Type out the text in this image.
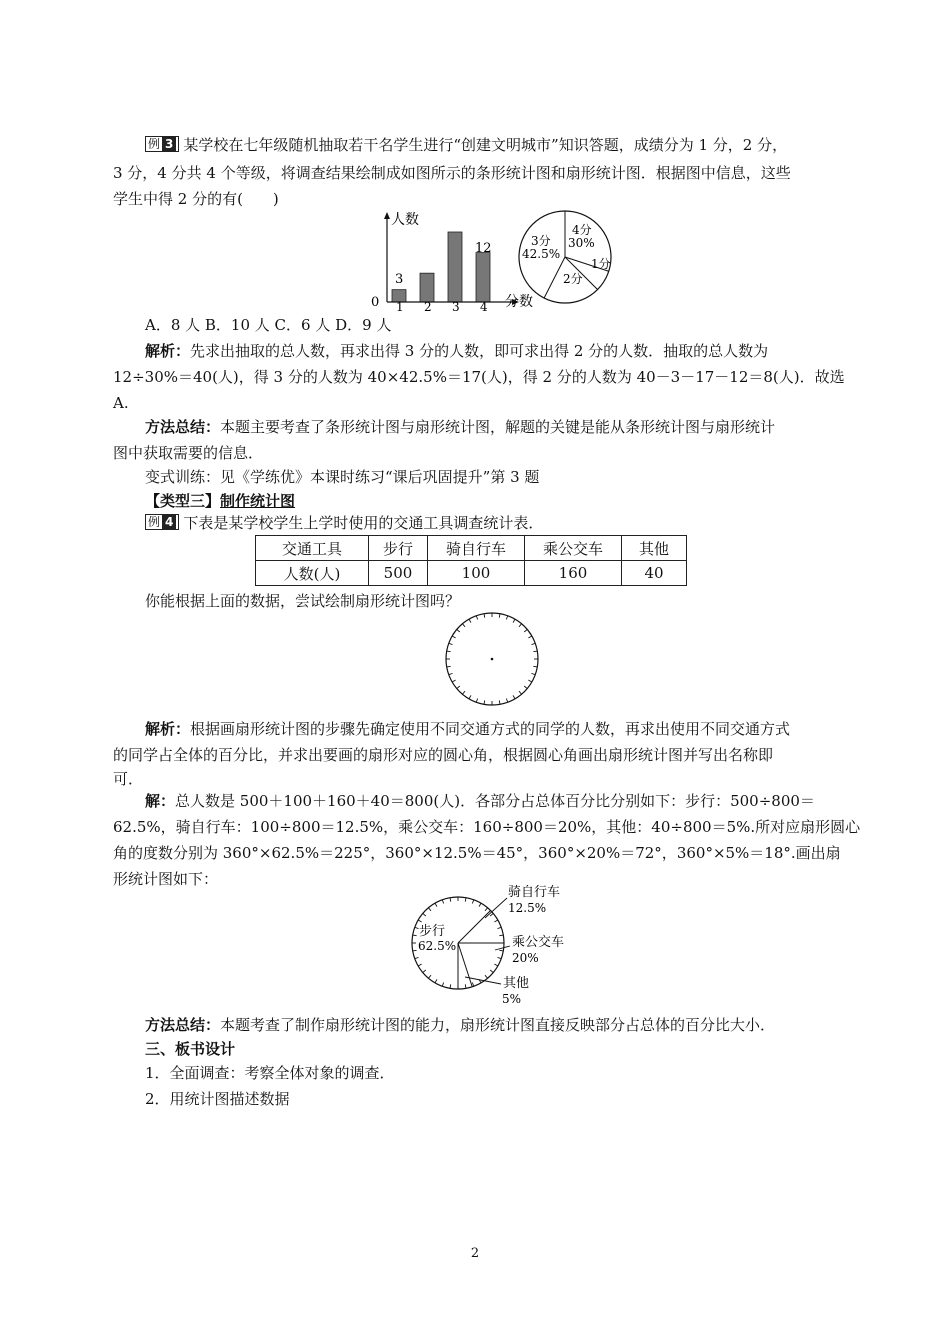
例 3 某学校在七年级随机抽取若干名学生进行“创建文明城市”知识答题，成绩分为 1 分，2 分，
3 分，4 分共 4 个等级，将调查结果绘制成如图所示的条形统计图和扇形统计图．根据图中信息，这些
学生中得 2 分的有(　　)
人数
分数
0 1 2 3 4
3
12
4分
30%
3分
42.5%
1分
2分
A．8 人 B．10 人 C．6 人 D．9 人
解析：先求出抽取的总人数，再求出得 3 分的人数，即可求出得 2 分的人数．抽取的总人数为
12÷30%＝40(人)，得 3 分的人数为 40×42.5%＝17(人)，得 2 分的人数为 40－3－17－12＝8(人)．故选
A.
方法总结：本题主要考查了条形统计图与扇形统计图，解题的关键是能从条形统计图与扇形统计
图中获取需要的信息．
变式训练：见《学练优》本课时练习“课后巩固提升”第 3 题
【类型三】制作统计图
例 4 下表是某学校学生上学时使用的交通工具调查统计表．
交通工具	步行	骑自行车	乘公交车	其他
人数(人)	500	100	160	40
你能根据上面的数据，尝试绘制扇形统计图吗？
解析：根据画扇形统计图的步骤先确定使用不同交通方式的同学的人数，再求出使用不同交通方式
的同学占全体的百分比，并求出要画的扇形对应的圆心角，根据圆心角画出扇形统计图并写出名称即
可．
解：总人数是 500＋100＋160＋40＝800(人)．各部分占总体百分比分别如下：步行：500÷800＝
62.5%，骑自行车：100÷800＝12.5%，乘公交车：160÷800＝20%，其他：40÷800＝5%.所对应扇形圆心
角的度数分别为 360°×62.5%＝225°，360°×12.5%＝45°，360°×20%＝72°，360°×5%＝18°.画出扇
形统计图如下：
步行
62.5%
骑自行车
12.5%
乘公交车
20%
其他
5%
方法总结：本题考查了制作扇形统计图的能力，扇形统计图直接反映部分占总体的百分比大小．
三、板书设计
1．全面调查：考察全体对象的调查．
2．用统计图描述数据
2
